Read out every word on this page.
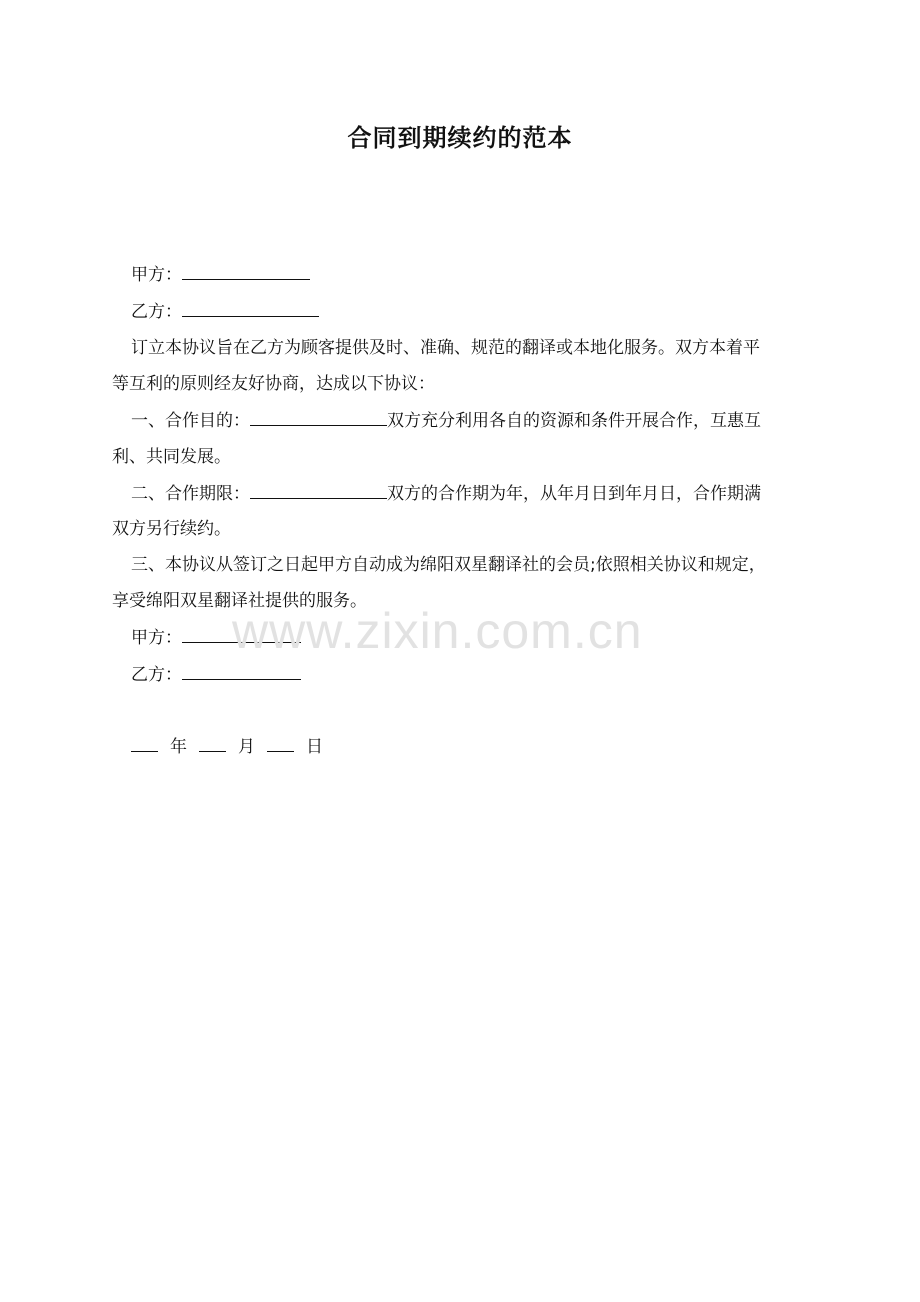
合同到期续约的范本
甲方：
乙方：
订立本协议旨在乙方为顾客提供及时、准确、规范的翻译或本地化服务。双方本着平
等互利的原则经友好协商，达成以下协议：
一、合作目的：	双方充分利用各自的资源和条件开展合作，互惠互
利、共同发展。
二、合作期限：	双方的合作期为年，从年月日到年月日，合作期满
双方另行续约。
三、本协议从签订之日起甲方自动成为绵阳双星翻译社的会员;依照相关协议和规定，
享受绵阳双星翻译社提供的服务。
甲方：
乙方：
年	月	日
www.zixin.com.cn
